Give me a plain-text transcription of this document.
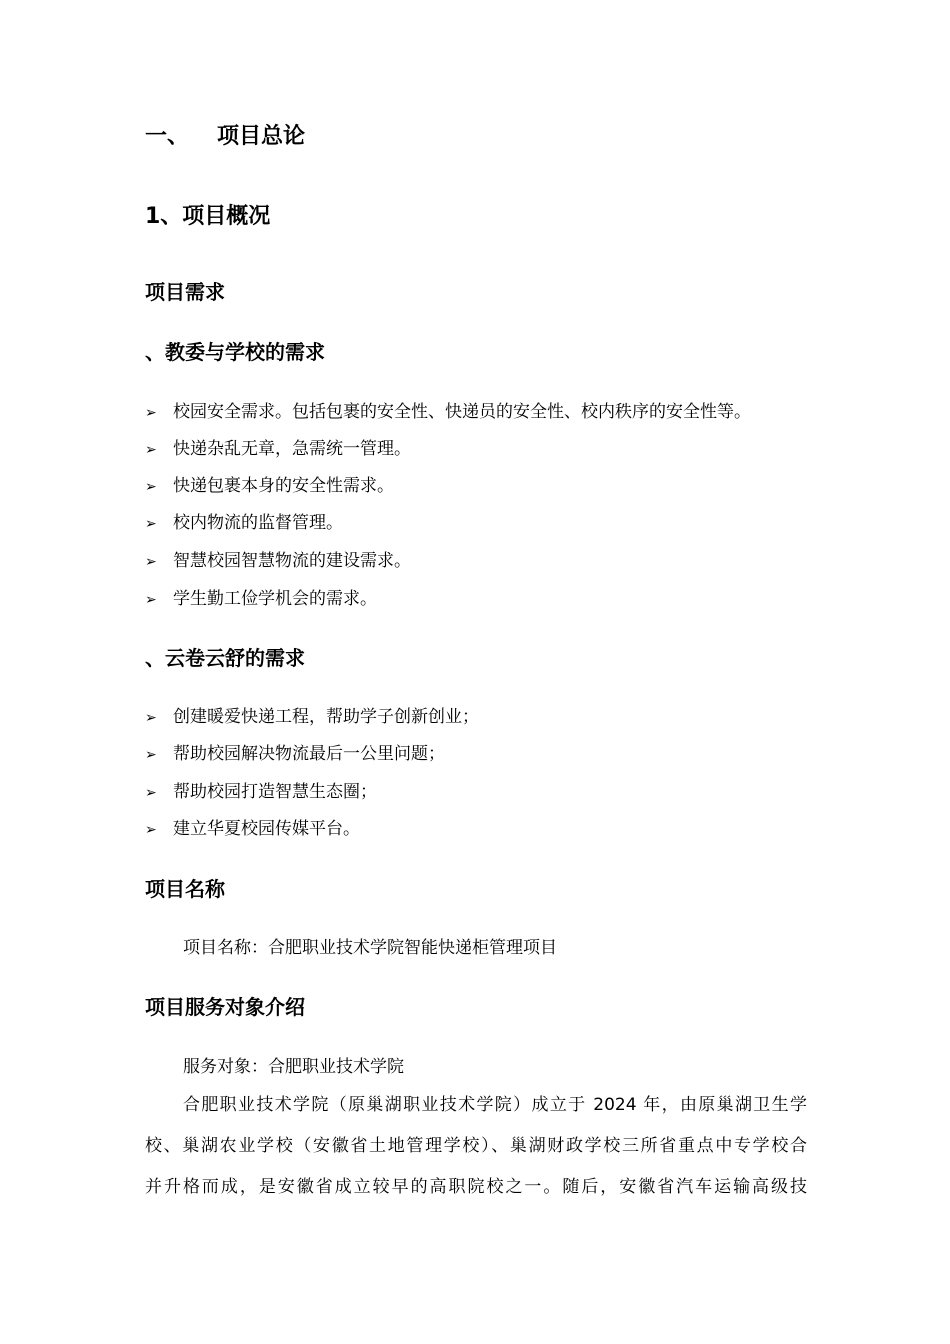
一、 项目总论
1、项目概况
项目需求
、教委与学校的需求
➢ 校园安全需求。包括包裹的安全性、快递员的安全性、校内秩序的安全性等。
➢ 快递杂乱无章，急需统一管理。
➢ 快递包裹本身的安全性需求。
➢ 校内物流的监督管理。
➢ 智慧校园智慧物流的建设需求。
➢ 学生勤工俭学机会的需求。
、云卷云舒的需求
➢ 创建暖爱快递工程，帮助学子创新创业；
➢ 帮助校园解决物流最后一公里问题；
➢ 帮助校园打造智慧生态圈；
➢ 建立华夏校园传媒平台。
项目名称
项目名称：合肥职业技术学院智能快递柜管理项目
项目服务对象介绍
服务对象：合肥职业技术学院
合肥职业技术学院（原巢湖职业技术学院）成立于 2024 年，由原巢湖卫生学
校、巢湖农业学校（安徽省土地管理学校）、巢湖财政学校三所省重点中专学校合
并升格而成，是安徽省成立较早的高职院校之一。随后，安徽省汽车运输高级技
